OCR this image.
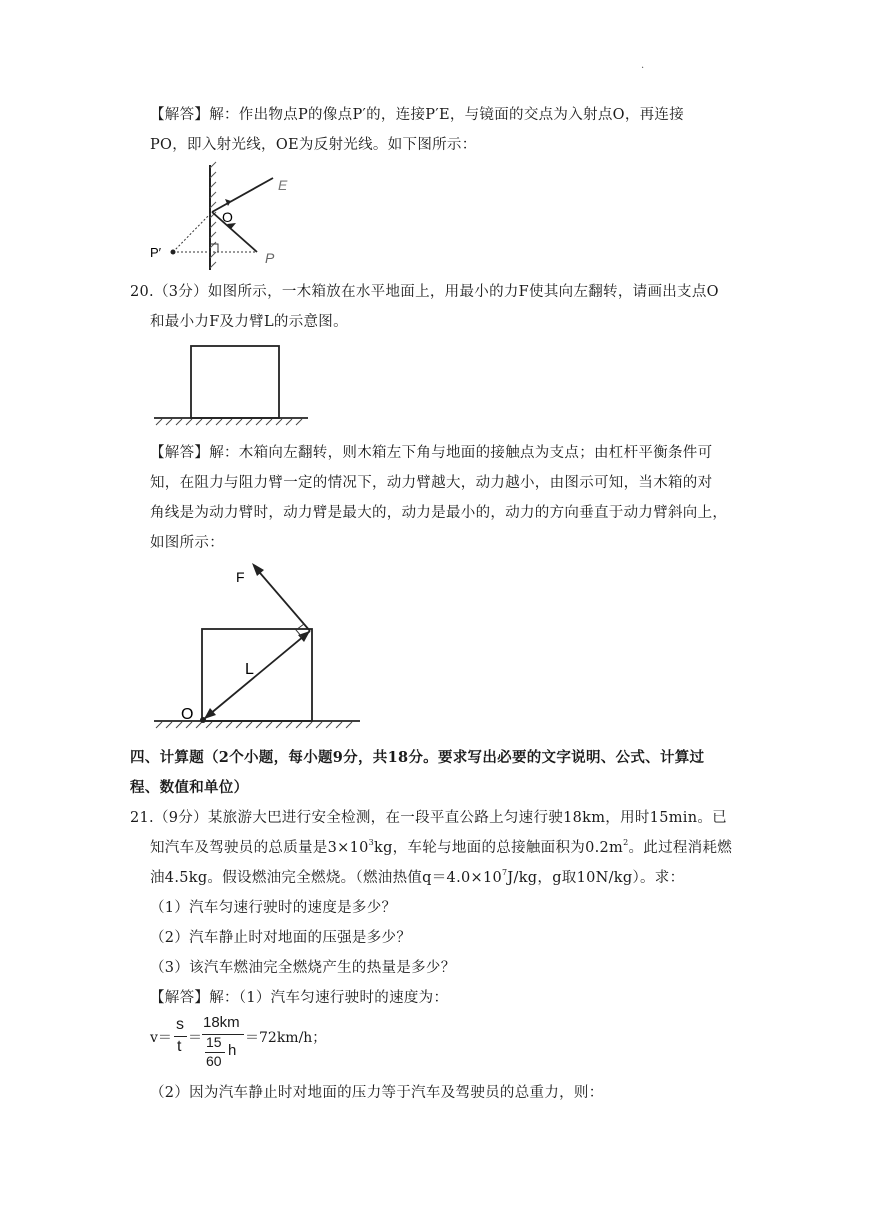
.
【解答】解：作出物点P的像点P′的，连接P′E，与镜面的交点为入射点O，再连接
PO，即入射光线，OE为反射光线。如下图所示：
E
O
P′	P
20.（3分）如图所示，一木箱放在水平地面上，用最小的力F使其向左翻转，请画出支点O
和最小力F及力臂L的示意图。
【解答】解：木箱向左翻转，则木箱左下角与地面的接触点为支点；由杠杆平衡条件可
知，在阻力与阻力臂一定的情况下，动力臂越大，动力越小，由图示可知，当木箱的对
角线是为动力臂时，动力臂是最大的，动力是最小的，动力的方向垂直于动力臂斜向上，
如图所示：
F
L
O
四、计算题（2个小题，每小题9分，共18分。要求写出必要的文字说明、公式、计算过
程、数值和单位）
21.（9分）某旅游大巴进行安全检测，在一段平直公路上匀速行驶18km，用时15min。已
知汽车及驾驶员的总质量是$3\times 10^3kg$，车轮与地面的总接触面积为$0.2m^2$。此过程消耗燃
油4.5kg。假设燃油完全燃烧。（燃油热值$q=4.0\times 10^7J/kg$，g取10N/kg）。求：
（1）汽车匀速行驶时的速度是多少？
（2）汽车静止时对地面的压强是多少？
（3）该汽车燃油完全燃烧产生的热量是多少？
【解答】解：（1）汽车匀速行驶时的速度为：
v＝
s
t ＝
18km
15
60
h
＝72km/h；
（2）因为汽车静止时对地面的压力等于汽车及驾驶员的总重力，则：
